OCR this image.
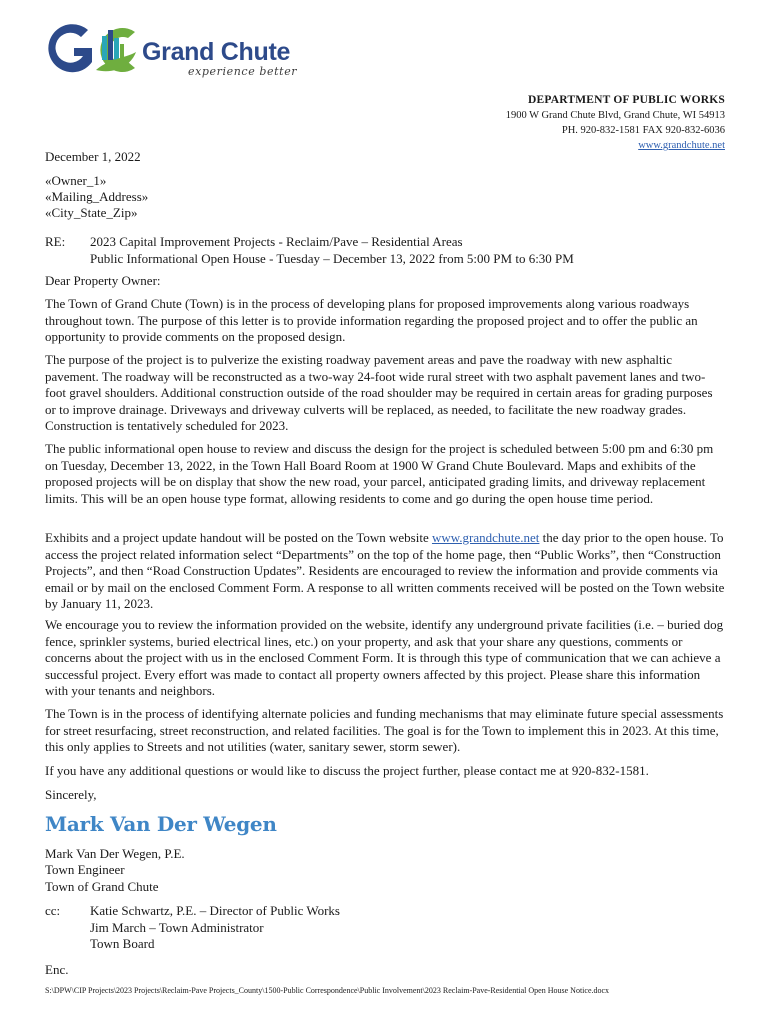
Grand Chute
experience better
DEPARTMENT OF PUBLIC WORKS
1900 W Grand Chute Blvd, Grand Chute, WI 54913
PH. 920-832-1581 FAX 920-832-6036
www.grandchute.net
December 1, 2022
«Owner_1»
«Mailing_Address»
«City_State_Zip»
RE: 2023 Capital Improvement Projects - Reclaim/Pave – Residential Areas
Public Informational Open House - Tuesday – December 13, 2022 from 5:00 PM to 6:30 PM
Dear Property Owner:
The Town of Grand Chute (Town) is in the process of developing plans for proposed improvements along various roadways throughout town. The purpose of this letter is to provide information regarding the proposed project and to offer the public an opportunity to provide comments on the proposed design.
The purpose of the project is to pulverize the existing roadway pavement areas and pave the roadway with new asphaltic pavement. The roadway will be reconstructed as a two-way 24-foot wide rural street with two asphalt pavement lanes and two-foot gravel shoulders. Additional construction outside of the road shoulder may be required in certain areas for grading purposes or to improve drainage. Driveways and driveway culverts will be replaced, as needed, to facilitate the new roadway grades. Construction is tentatively scheduled for 2023.
The public informational open house to review and discuss the design for the project is scheduled between 5:00 pm and 6:30 pm on Tuesday, December 13, 2022, in the Town Hall Board Room at 1900 W Grand Chute Boulevard. Maps and exhibits of the proposed projects will be on display that show the new road, your parcel, anticipated grading limits, and driveway replacement limits. This will be an open house type format, allowing residents to come and go during the open house time period.
Exhibits and a project update handout will be posted on the Town website www.grandchute.net the day prior to the open house. To access the project related information select “Departments” on the top of the home page, then “Public Works”, then “Construction Projects”, and then “Road Construction Updates”. Residents are encouraged to review the information and provide comments via email or by mail on the enclosed Comment Form. A response to all written comments received will be posted on the Town website by January 11, 2023.
We encourage you to review the information provided on the website, identify any underground private facilities (i.e. – buried dog fence, sprinkler systems, buried electrical lines, etc.) on your property, and ask that your share any questions, comments or concerns about the project with us in the enclosed Comment Form. It is through this type of communication that we can achieve a successful project. Every effort was made to contact all property owners affected by this project. Please share this information with your tenants and neighbors.
The Town is in the process of identifying alternate policies and funding mechanisms that may eliminate future special assessments for street resurfacing, street reconstruction, and related facilities. The goal is for the Town to implement this in 2023. At this time, this only applies to Streets and not utilities (water, sanitary sewer, storm sewer).
If you have any additional questions or would like to discuss the project further, please contact me at 920-832-1581.
Sincerely,
Mark Van Der Wegen
Mark Van Der Wegen, P.E.
Town Engineer
Town of Grand Chute
cc: Katie Schwartz, P.E. – Director of Public Works
Jim March – Town Administrator
Town Board
Enc.
S:\DPW\CIP Projects\2023 Projects\Reclaim-Pave Projects_County\1500-Public Correspondence\Public Involvement\2023 Reclaim-Pave-Residential Open House Notice.docx
